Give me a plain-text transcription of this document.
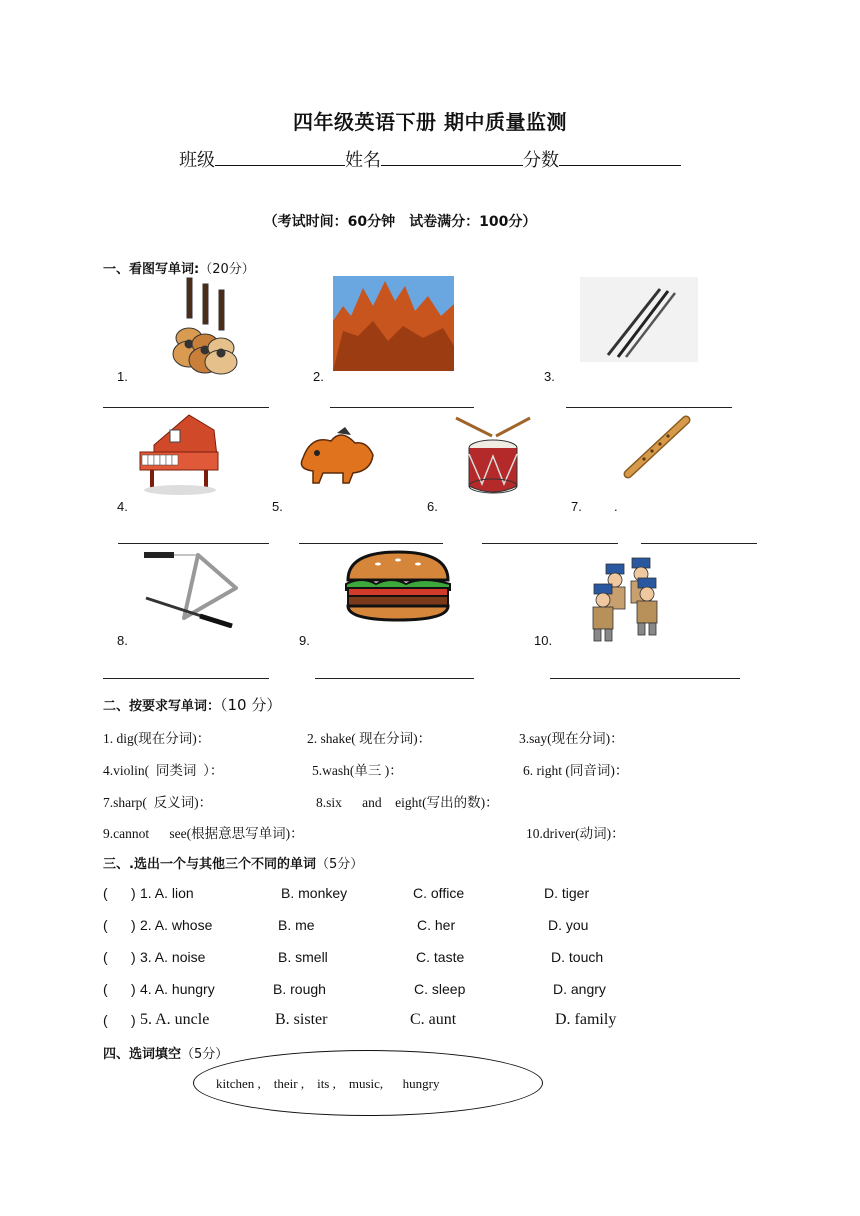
四年级英语下册 期中质量监测
班级	姓名	分数
（考试时间：60分钟　试卷满分：100分）
一、看图写单词:（20分）
1.	2.	3.
4.	5.	6.	7. .
8.	9.	10.
二、按要求写单词：（10 分）
1. dig(现在分词)：	2. shake( 现在分词)：	3.say(现在分词)：
4.violin(  同类词  ）：	5.wash(单三 )：	6. right (同音词)：
7.sharp(  反义词)：	8.six      and    eight(写出的数)：
9.cannot      see(根据意思写单词)：	10.driver(动词)：
三、.选出一个与其他三个不同的单词（5分）
(      ) 1. A. lion	B. monkey	C. office	D. tiger
(      ) 2. A. whose	B. me	C. her	D. you
(      ) 3. A. noise	B. smell	C. taste	D. touch
(      ) 4. A. hungry	B. rough	C. sleep	D. angry
(      ) 5. A. uncle	B. sister	C. aunt	D. family
四、选词填空（5分）
kitchen ,    their ,    its ,    music,      hungry
